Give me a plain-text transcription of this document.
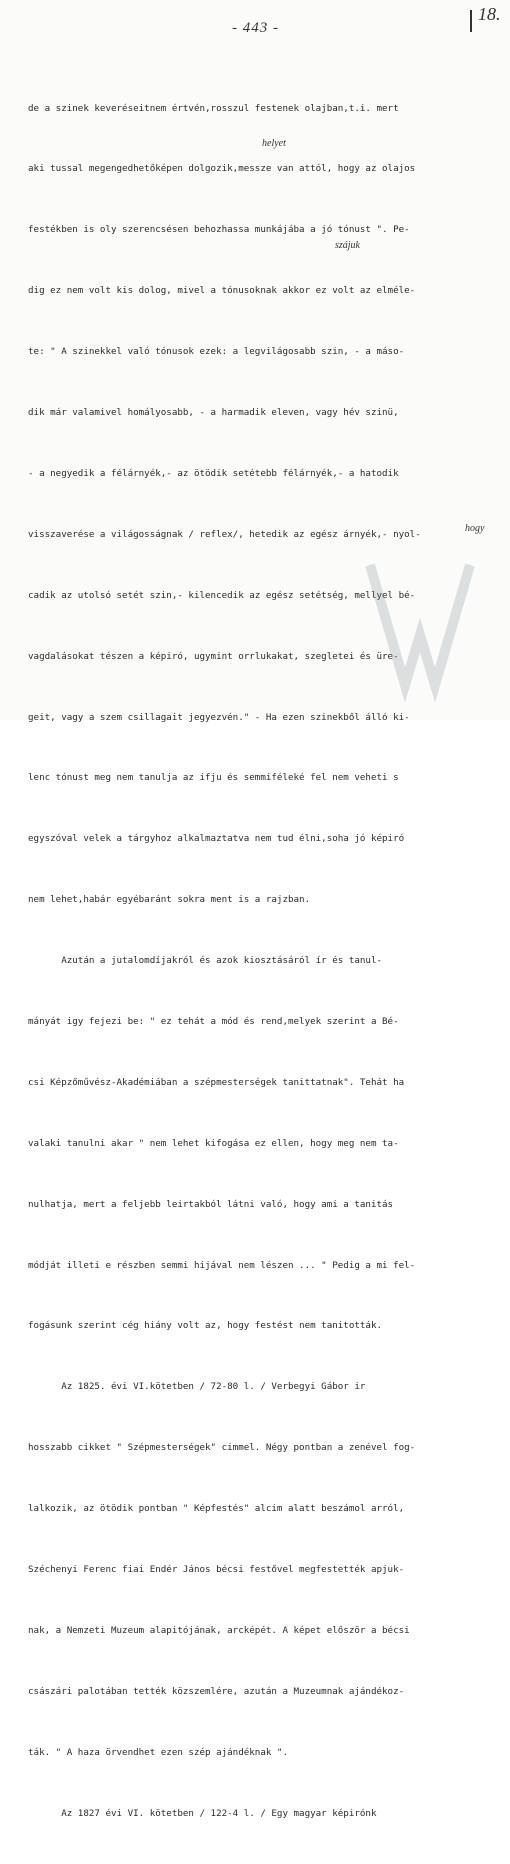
- 443 -
18.

de a szinek keveréseitnem értvén,rosszul festenek olajban,t.i. mert

aki tussal megengedhetőképen dolgozik,messze van attól, hogy az olajos

festékben is oly szerencsésen behozhassa munkájába a jó tónust ". Pe-

dig ez nem volt kis dolog, mivel a tónusoknak akkor ez volt az elméle-

te: " A szinekkel való tónusok ezek: a legvilágosabb szin, - a máso-

dik már valamivel homályosabb, - a harmadik eleven, vagy hév szinü,

- a negyedik a félárnyék,- az ötödik setétebb félárnyék,- a hatodik

visszaverése a világosságnak / reflex/, hetedik az egész árnyék,- nyol-

cadik az utolsó setét szin,- kilencedik az egész setétség, mellyel bé-

vagdalásokat tészen a képiró, ugymint orrlukakat, szegletei és üre-

geit, vagy a szem csillagait jegyezvén." - Ha ezen szinekből álló ki-

lenc tónust meg nem tanulja az ifju és semmiféleké fel nem veheti s

egyszóval velek a tárgyhoz alkalmaztatva nem tud élni,soha jó képiró

nem lehet,habár egyébaránt sokra ment is a rajzban.

Azután a jutalomdíjakról és azok kiosztásáról ír és tanul-

mányát igy fejezi be: " ez tehát a mód és rend,melyek szerint a Bé-

csi Képzőművész-Akadémiában a szépmesterségek tanittatnak". Tehát ha

valaki tanulni akar " nem lehet kifogása ez ellen, hogy meg nem ta-

nulhatja, mert a feljebb leirtakból látni való, hogy ami a tanitás

módját illeti e részben semmi hijával nem lészen ... " Pedig a mi fel-

fogásunk szerint cég hiány volt az, hogy festést nem tanitották.

Az 1825. évi VI.kötetben / 72-80 l. / Verbegyi Gábor ir

hosszabb cikket " Szépmesterségek" cimmel. Négy pontban a zenével fog-

lalkozik, az ötödik pontban " Képfestés" alcim alatt beszámol arról,

Széchenyi Ferenc fiai Endér János bécsi festővel megfestették apjuk-

nak, a Nemzeti Muzeum alapitójának, arcképét. A képet először a bécsi

császári palotában tették közszemlére, azután a Muzeumnak ajándékoz-

ták. " A haza örvendhet ezen szép ajándéknak ".

Az 1827 évi VI. kötetben / 122-4 l. / Egy magyar képirónk

helyet
szájuk
hogy
